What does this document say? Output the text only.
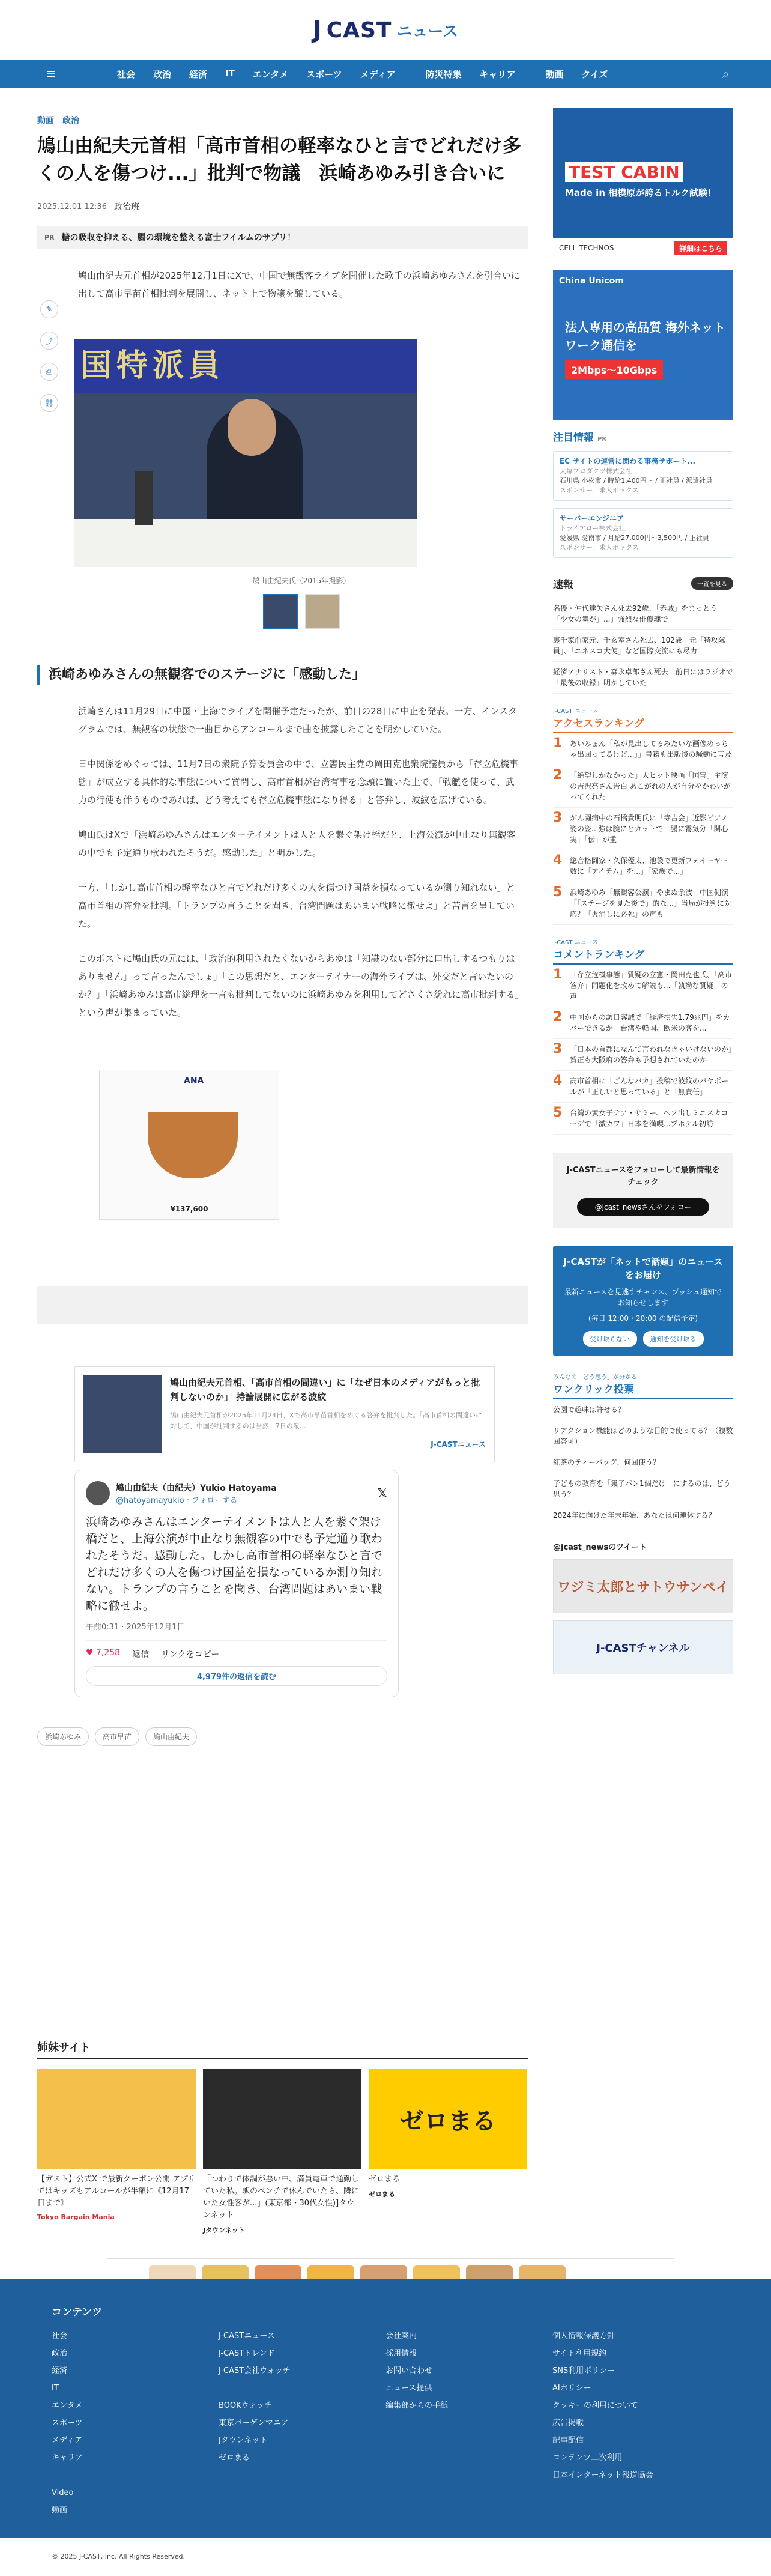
J CAST ニュース
≡	社会 政治 経済 IT エンタメ スポーツ メディア	防災特集 キャリア	動画 クイズ	⌕
動画 政治
鳩山由紀夫元首相「高市首相の軽率なひと言でどれだけ多くの人を傷つけ...」批判で物議　浜崎あゆみ引き合いに
2025.12.01 12:36 政治班
PR 糖の吸収を抑える、腸の環境を整える富士フイルムのサプリ！
✎
⤴
⎙
⛓

鳩山由紀夫元首相が2025年12月1日にXで、中国で無観客ライブを開催した歌手の浜崎あゆみさんを引合いに出して高市早苗首相批判を展開し、ネット上で物議を醸している。

国特派員
鳩山由紀夫氏（2015年撮影）
浜崎あゆみさんの無観客でのステージに「感動した」

浜崎さんは11月29日に中国・上海でライブを開催予定だったが、前日の28日に中止を発表。一方、インスタグラムでは、無観客の状態で一曲目からアンコールまで曲を披露したことを明かしていた。

日中関係をめぐっては、11月7日の衆院予算委員会の中で、立憲民主党の岡田克也衆院議員から「存立危機事態」が成立する具体的な事態について質問し、高市首相が台湾有事を念頭に置いた上で、「戦艦を使って、武力の行使も伴うものであれば、どう考えても存立危機事態になり得る」と答弁し、波紋を広げている。

鳩山氏はXで「浜崎あゆみさんはエンターテイメントは人と人を繋ぐ架け橋だと、上海公演が中止なり無観客の中でも予定通り歌われたそうだ。感動した」と明かした。

一方、「しかし高市首相の軽率なひと言でどれだけ多くの人を傷つけ国益を損なっているか測り知れない」と高市首相の答弁を批判。「トランプの言うことを聞き、台湾問題はあいまい戦略に徹せよ」と苦言を呈していた。

このポストに鳩山氏の元には、「政治的利用されたくないからあゆは「知識のない部分に口出しするつもりはありません」って言ったんでしょ」「この思想だと、エンターテイナーの海外ライブは、外交だと言いたいのか？」「浜崎あゆみは高市総理を一言も批判してないのに浜崎あゆみを利用してどさくさ紛れに高市批判する」という声が集まっていた。

ANA
¥137,600
鳩山由紀夫元首相、「高市首相の間違い」に「なぜ日本のメディアがもっと批判しないのか」 持論展開に広がる波紋
鳩山由紀夫元首相が2025年11月24日、Xで高市早苗首相をめぐる答弁を批判した。「高市首相の間違いに対して、中国が批判するのは当然」7日の衆...
J-CASTニュース
鳩山由紀夫（由紀夫）Yukio Hatoyama
@hatoyamayukio · フォローする	𝕏
浜崎あゆみさんはエンターテイメントは人と人を繋ぐ架け橋だと、上海公演が中止なり無観客の中でも予定通り歌われたそうだ。感動した。しかし高市首相の軽率なひと言でどれだけ多くの人を傷つけ国益を損なっているか測り知れない。トランプの言うことを聞き、台湾問題はあいまい戦略に徹せよ。
午前0:31 · 2025年12月1日
♥ 7,258 返信 リンクをコピー
4,979件の返信を読む
浜崎あゆみ	高市早苗	鳩山由紀夫
姉妹サイト
【ガスト】公式X で最新クーポン公開 アプリではキッズもアルコールが半額に《12月17日まで》
Tokyo Bargain Mania
「つわりで体調が悪い中、満員電車で通勤していた私。駅のベンチで休んでいたら、隣にいた女性客が...」(東京都・30代女性)]タウンネット
Jタウンネット
ゼロまる
ゼロまる
ゼロまる
コンテンツ
社会
政治
経済
IT
エンタメ
スポーツ
メディア
キャリア
Video
動画
J-CASTニュース
J-CASTトレンド
J-CAST会社ウォッチ
BOOKウォッチ
東京バーゲンマニア
Jタウンネット
ゼロまる
会社案内
採用情報
お問い合わせ
ニュース提供
編集部からの手紙
個人情報保護方針
サイト利用規約
SNS利用ポリシー
AIポリシー
クッキーの利用について
広告掲載
記事配信
コンテンツ二次利用
日本インターネット報道協会
© 2025 J-CAST, Inc. All Rights Reserved.
TEST CABIN
Made in 相模原が誇るトルク試験！
CELL TECHNOS	詳細はこちら
China Unicom
法人専用の高品質 海外ネットワーク通信を
2Mbps〜10Gbps
注目情報 PR
EC サイトの運営に関わる事務サポート...
大塚プロダクツ株式会社
石川県 小松市 / 時給1,400円〜 / 正社員 / 派遣社員
スポンサー：求人ボックス
サーバーエンジニア
トライアロー株式会社
愛媛県 愛南市 / 月給27,000円〜3,500円 / 正社員
スポンサー：求人ボックス
速報	一覧を見る
名優・仲代達矢さん死去92歳、「赤城」をまっとう 「少女の舞が」...」強烈な俳優魂で
裏千家前家元、千玄室さん死去、102歳　元「特攻隊員」、「ユネスコ大使」など国際交流にも尽力
経済アナリスト・森永卓郎さん死去　前日にはラジオで「最後の収録」明かしていた
J-CAST ニュース
アクセスランキング
1 あいみょん「私が見出してるみたいな画像めっちゃ出回ってるけど...」」書籍も出版後の騒動に言及
2 「絶望しかなかった」大ヒット映画「国宝」主演の吉沢亮さん告白 あこがれの人が自分をかわいがってくれた
3 がん闘病中の石橋貴明氏に「寺吉会」近影ピアノ姿の姿...強は腕にとカットで「腸に霧気分「関心 実」「伝」が重
4 総合格闘家・久保優太、池袋で更新フェイーヤー数に「アイテム」を...」「家族で...」
5 浜崎あゆみ「無観客公演」やまぬ余波　中国側演「「ステージを見た後で」的な...」当局が批判に対応？「火消しに必死」の声も
J-CAST ニュース
コメントランキング
1 「存立危機事態」質疑の立憲・岡田克也氏、「高市答弁」問題化を改めて解説も...「執拗な質疑」の声
2 中国からの訪日客減で「経済損失1.79兆円」をカバーできるか　台湾や韓国、欧米の客を...
3 「日本の首都になんて言われなきゃいけないのか」賀正も大阪府の答弁も予想されていたのか
4 高市首相に「ごんなバカ」投稿で波紋のパヤポールが「正しいと思っている」と「無責任」
5 台湾の黄女子テア・サミー、ヘソ出しミニスカコーデで「激カワ」日本を満喫...プホテル初訪
J-CASTニュースをフォローして最新情報をチェック
@jcast_newsさんをフォロー
J-CASTが「ネットで話題」のニュースをお届け
最新ニュースを見逃すチャンス、プッシュ通知でお知らせします
(毎日 12:00・20:00 の配信予定)
受け取らない	通知を受け取る
みんなの「どう思う」が分かる
ワンクリック投票
公園で趣味は許せる？
リアクション機能はどのような目的で使ってる？（複数回答可）
紅茶のティーバッグ、何回使う？
子どもの教育を「集子パン1個だけ」にするのは、どう思う？
2024年に向けた年末年始、あなたは何連休する？
@jcast_newsのツイート
ワジミ太郎とサトウサンペイ
J-CASTチャンネル
